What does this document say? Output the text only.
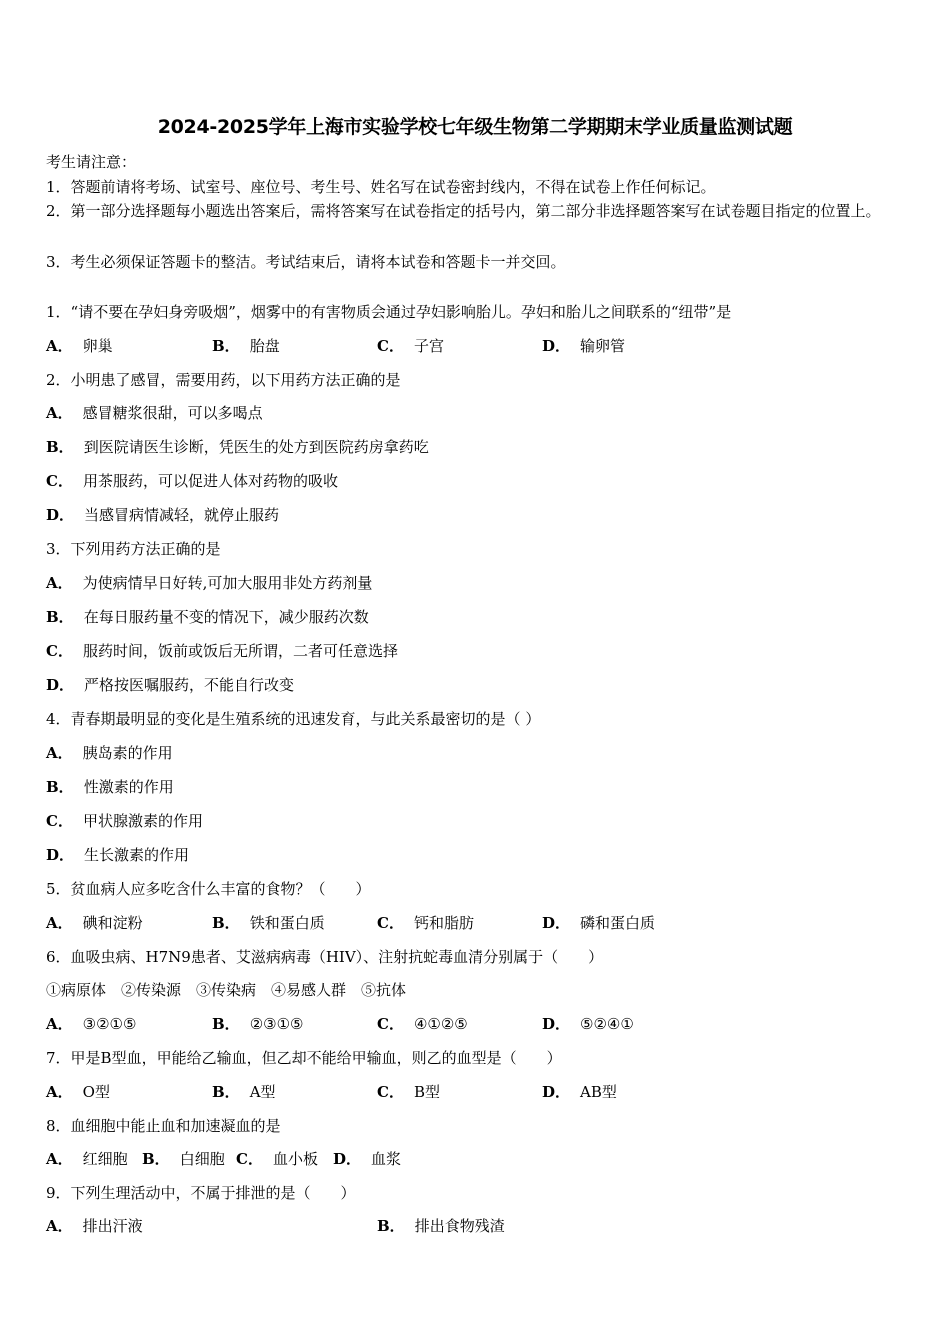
2024-2025学年上海市实验学校七年级生物第二学期期末学业质量监测试题
考生请注意：
1．答题前请将考场、试室号、座位号、考生号、姓名写在试卷密封线内，不得在试卷上作任何标记。
2．第一部分选择题每小题选出答案后，需将答案写在试卷指定的括号内，第二部分非选择题答案写在试卷题目指定的位置上。
3．考生必须保证答题卡的整洁。考试结束后，请将本试卷和答题卡一并交回。
1．“请不要在孕妇身旁吸烟”，烟雾中的有害物质会通过孕妇影响胎儿。孕妇和胎儿之间联系的“纽带”是
A． 卵巢	B． 胎盘	C． 子宫	D． 输卵管
2．小明患了感冒，需要用药，以下用药方法正确的是
A． 感冒糖浆很甜，可以多喝点
B． 到医院请医生诊断，凭医生的处方到医院药房拿药吃
C． 用茶服药，可以促进人体对药物的吸收
D． 当感冒病情减轻，就停止服药
3．下列用药方法正确的是
A． 为使病情早日好转,可加大服用非处方药剂量
B． 在每日服药量不变的情况下，减少服药次数
C． 服药时间，饭前或饭后无所谓，二者可任意选择
D． 严格按医嘱服药，不能自行改变
4．青春期最明显的变化是生殖系统的迅速发育，与此关系最密切的是（ ）
A． 胰岛素的作用
B． 性激素的作用
C． 甲状腺激素的作用
D． 生长激素的作用
5．贫血病人应多吃含什么丰富的食物？（　　）
A． 碘和淀粉	B． 铁和蛋白质	C． 钙和脂肪	D． 磷和蛋白质
6．血吸虫病、H7N9患者、艾滋病病毒（HIV）、注射抗蛇毒血清分别属于（　　）
①病原体　②传染源　③传染病　④易感人群　⑤抗体
A． ③②①⑤	B． ②③①⑤	C． ④①②⑤	D． ⑤②④①
7．甲是B型血，甲能给乙输血，但乙却不能给甲输血，则乙的血型是（　　）
A． O型	B． A型	C． B型	D． AB型
8．血细胞中能止血和加速凝血的是
A． 红细胞 B． 白细胞 C． 血小板 D． 血浆
9．下列生理活动中，不属于排泄的是（　　）
A． 排出汗液	B． 排出食物残渣
